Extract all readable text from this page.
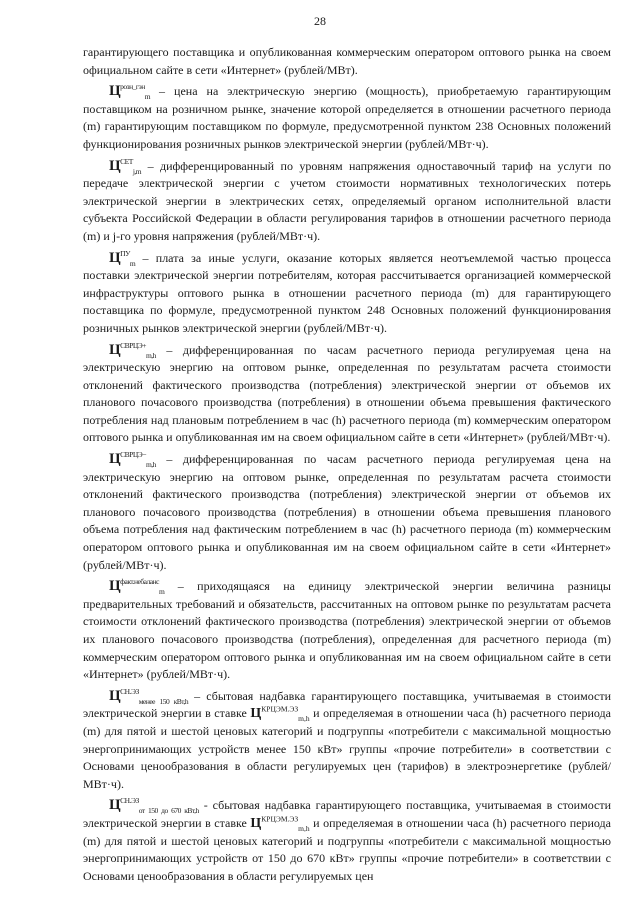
28

гарантирующего поставщика и опубликованная коммерческим оператором оптового рынка на своем официальном сайте в сети «Интернет» (рублей/МВт).

$Ц^{розн\_гэн}_m$ – цена на электрическую энергию (мощность), приобретаемую гарантирующим поставщиком на розничном рынке, значение которой определяется в отношении расчетного периода (m) гарантирующим поставщиком по формуле, предусмотренной пунктом 238 Основных положений функционирования розничных рынков электрической энергии (рублей/МВт·ч).

$Ц^{СЕТ}_{j,m}$ – дифференцированный по уровням напряжения одноставочный тариф на услуги по передаче электрической энергии с учетом стоимости нормативных технологических потерь электрической энергии в электрических сетях, определяемый органом исполнительной власти субъекта Российской Федерации в области регулирования тарифов в отношении расчетного периода (m) и j-го уровня напряжения (рублей/МВт·ч).

$Ц^{ПУ}_m$ – плата за иные услуги, оказание которых является неотъемлемой частью процесса поставки электрической энергии потребителям, которая рассчитывается организацией коммерческой инфраструктуры оптового рынка в отношении расчетного периода (m) для гарантирующего поставщика по формуле, предусмотренной пунктом 248 Основных положений функционирования розничных рынков электрической энергии (рублей/МВт·ч).

$Ц^{СВРЦЭ+}_{m,h}$ – дифференцированная по часам расчетного периода регулируемая цена на электрическую энергию на оптовом рынке, определенная по результатам расчета стоимости отклонений фактического производства (потребления) электрической энергии от объемов их планового почасового производства (потребления) в отношении объема превышения фактического потребления над плановым потреблением в час (h) расчетного периода (m) коммерческим оператором оптового рынка и опубликованная им на своем официальном сайте в сети «Интернет» (рублей/МВт·ч).

$Ц^{СВРЦЭ-}_{m,h}$ – дифференцированная по часам расчетного периода регулируемая цена на электрическую энергию на оптовом рынке, определенная по результатам расчета стоимости отклонений фактического производства (потребления) электрической энергии от объемов их планового почасового производства (потребления) в отношении объема превышения планового объема потребления над фактическим потреблением в час (h) расчетного периода (m) коммерческим оператором оптового рынка и опубликованная им на своем официальном сайте в сети «Интернет» (рублей/МВт·ч).

$Ц^{факт.небаланс}_m$ – приходящаяся на единицу электрической энергии величина разницы предварительных требований и обязательств, рассчитанных на оптовом рынке по результатам расчета стоимости отклонений фактического производства (потребления) электрической энергии от объемов их планового почасового производства (потребления), определенная для расчетного периода (m) коммерческим оператором оптового рынка и опубликованная им на своем официальном сайте в сети «Интернет» (рублей/МВт·ч).

$Ц^{СН.ЭЗ}_{менее 150 кВт,h}$ – сбытовая надбавка гарантирующего поставщика, учитываемая в стоимости электрической энергии в ставке $Ц^{КРЦЭМ.ЭЗ}_{m,h}$ и определяемая в отношении часа (h) расчетного периода (m) для пятой и шестой ценовых категорий и подгруппы «потребители с максимальной мощностью энергопринимающих устройств менее 150 кВт» группы «прочие потребители» в соответствии с Основами ценообразования в области регулируемых цен (тарифов) в электроэнергетике (рублей/МВт·ч).

$Ц^{СН.ЭЗ}_{от 150 до 670 кВт,h}$ - сбытовая надбавка гарантирующего поставщика, учитываемая в стоимости электрической энергии в ставке $Ц^{КРЦЭМ.ЭЗ}_{m,h}$ и определяемая в отношении часа (h) расчетного периода (m) для пятой и шестой ценовых категорий и подгруппы «потребители с максимальной мощностью энергопринимающих устройств от 150 до 670 кВт» группы «прочие потребители» в соответствии с Основами ценообразования в области регулируемых цен
